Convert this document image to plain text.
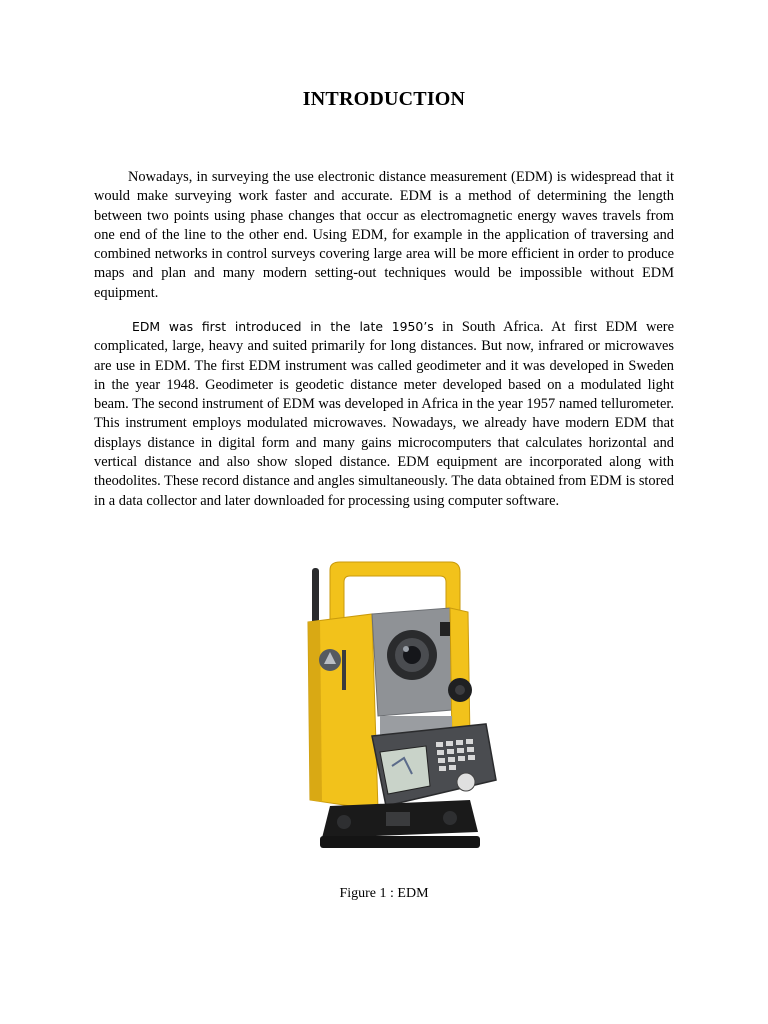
INTRODUCTION

Nowadays, in surveying the use electronic distance measurement (EDM) is widespread that it would make surveying work faster and accurate. EDM is a method of determining the length between two points using phase changes that occur as electromagnetic energy waves travels from one end of the line to the other end. Using EDM, for example in the application of traversing and combined networks in control surveys covering large area will be more efficient in order to produce maps and plan and many modern setting-out techniques would be impossible without EDM equipment.

EDM was first introduced in the late 1950’s in South Africa. At first EDM were complicated, large, heavy and suited primarily for long distances. But now, infrared or microwaves are use in EDM. The first EDM instrument was called geodimeter and it was developed in Sweden in the year 1948. Geodimeter is geodetic distance meter developed based on a modulated light beam. The second instrument of EDM was developed in Africa in the year 1957 named tellurometer. This instrument employs modulated microwaves. Nowadays, we already have modern EDM that displays distance in digital form and many gains microcomputers that calculates horizontal and vertical distance and also show sloped distance. EDM equipment are incorporated along with theodolites. These record distance and angles simultaneously. The data obtained from EDM is stored in a data collector and later downloaded for processing using computer software.

Figure 1 : EDM
